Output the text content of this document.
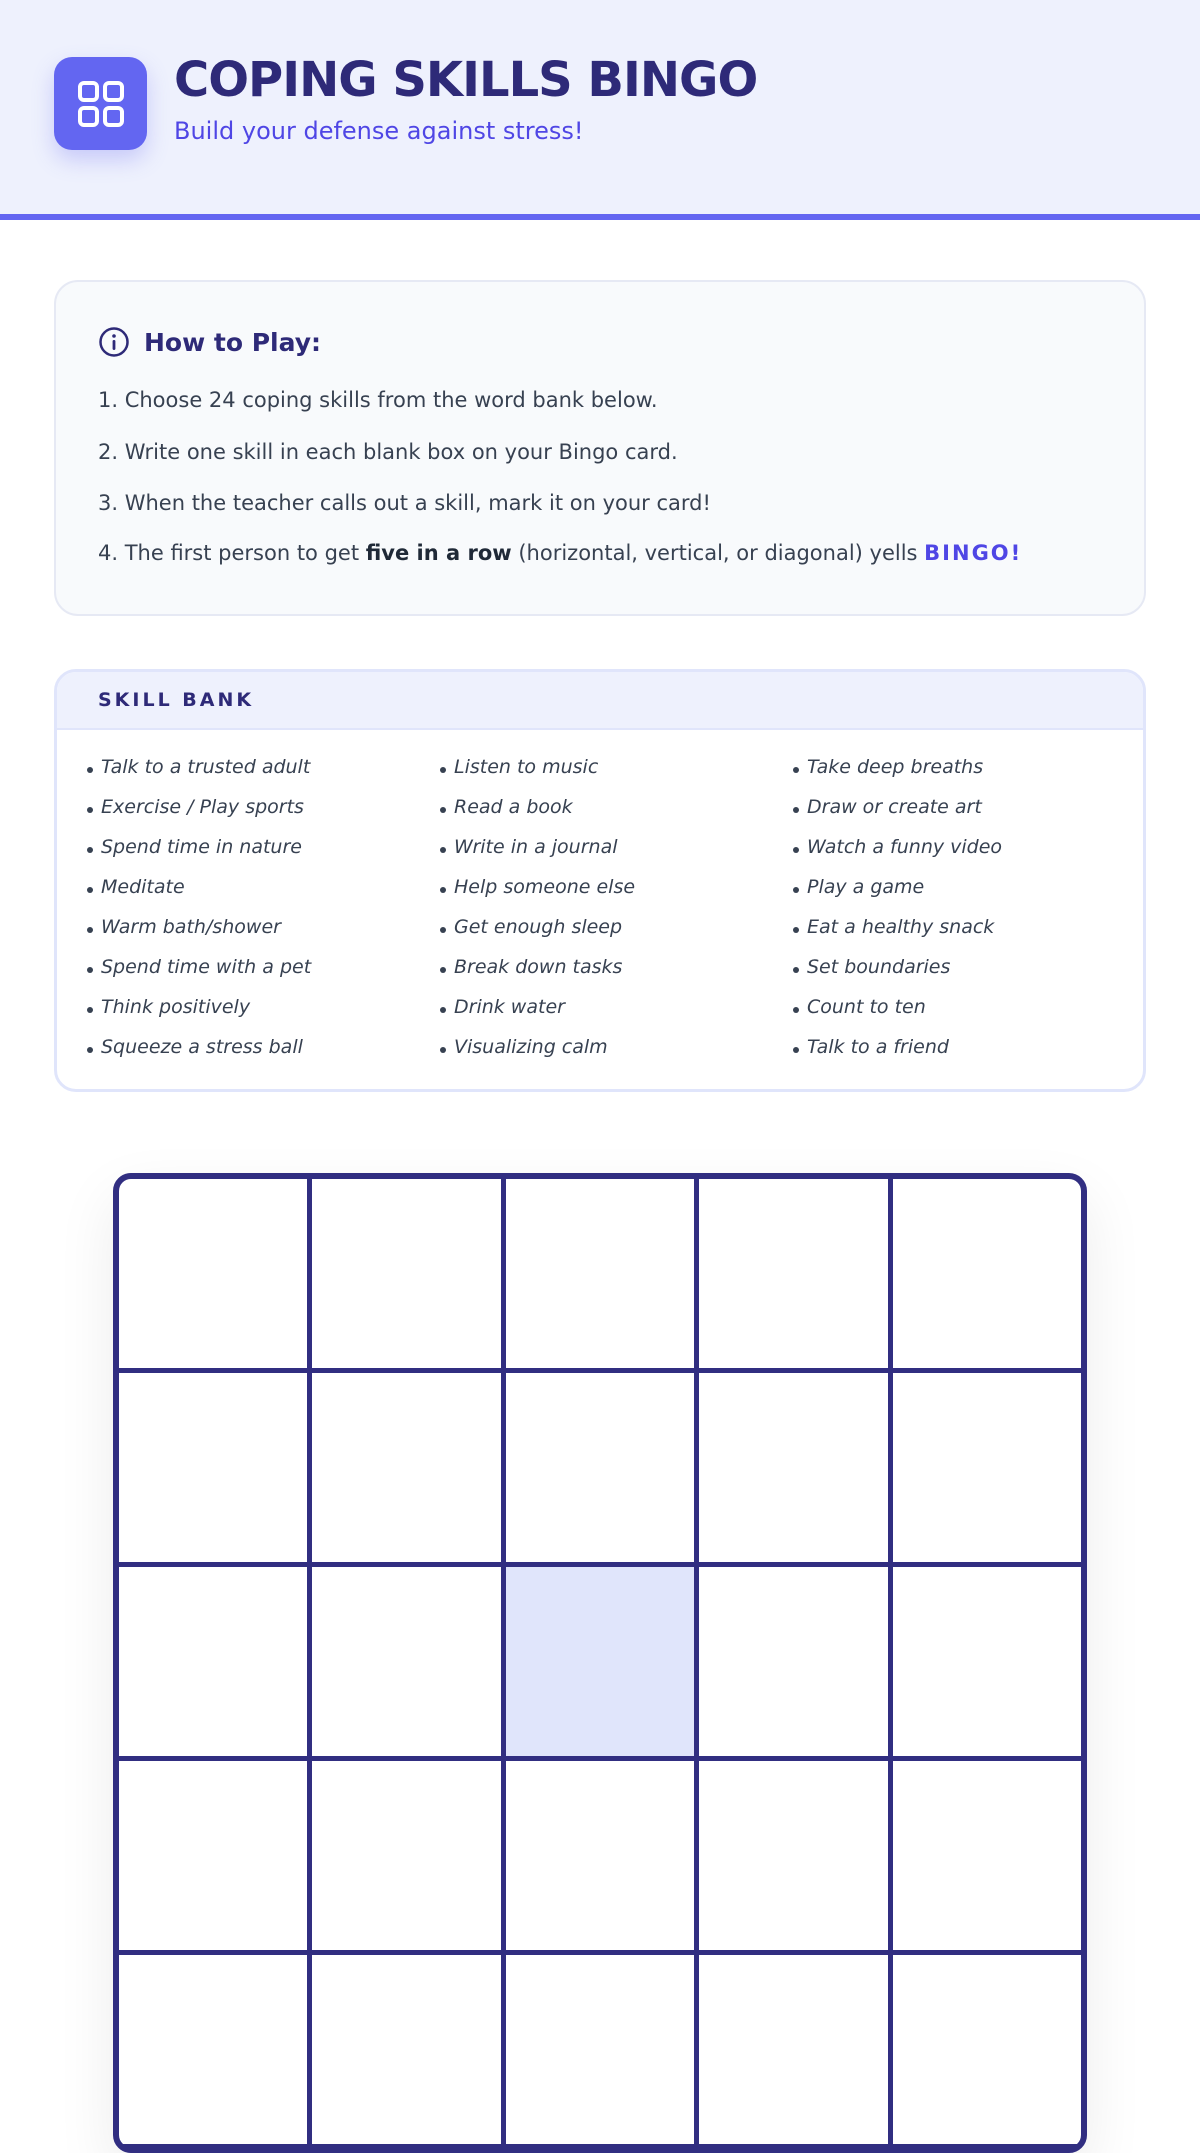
COPING SKILLS BINGO
Build your defense against stress!
How to Play:
1. Choose 24 coping skills from the word bank below.
2. Write one skill in each blank box on your Bingo card.
3. When the teacher calls out a skill, mark it on your card!
4. The first person to get five in a row (horizontal, vertical, or diagonal) yells BINGO!
SKILL BANK
Talk to a trusted adult
Exercise / Play sports
Spend time in nature
Meditate
Warm bath/shower
Spend time with a pet
Think positively
Squeeze a stress ball
Listen to music
Read a book
Write in a journal
Help someone else
Get enough sleep
Break down tasks
Drink water
Visualizing calm
Take deep breaths
Draw or create art
Watch a funny video
Play a game
Eat a healthy snack
Set boundaries
Count to ten
Talk to a friend
